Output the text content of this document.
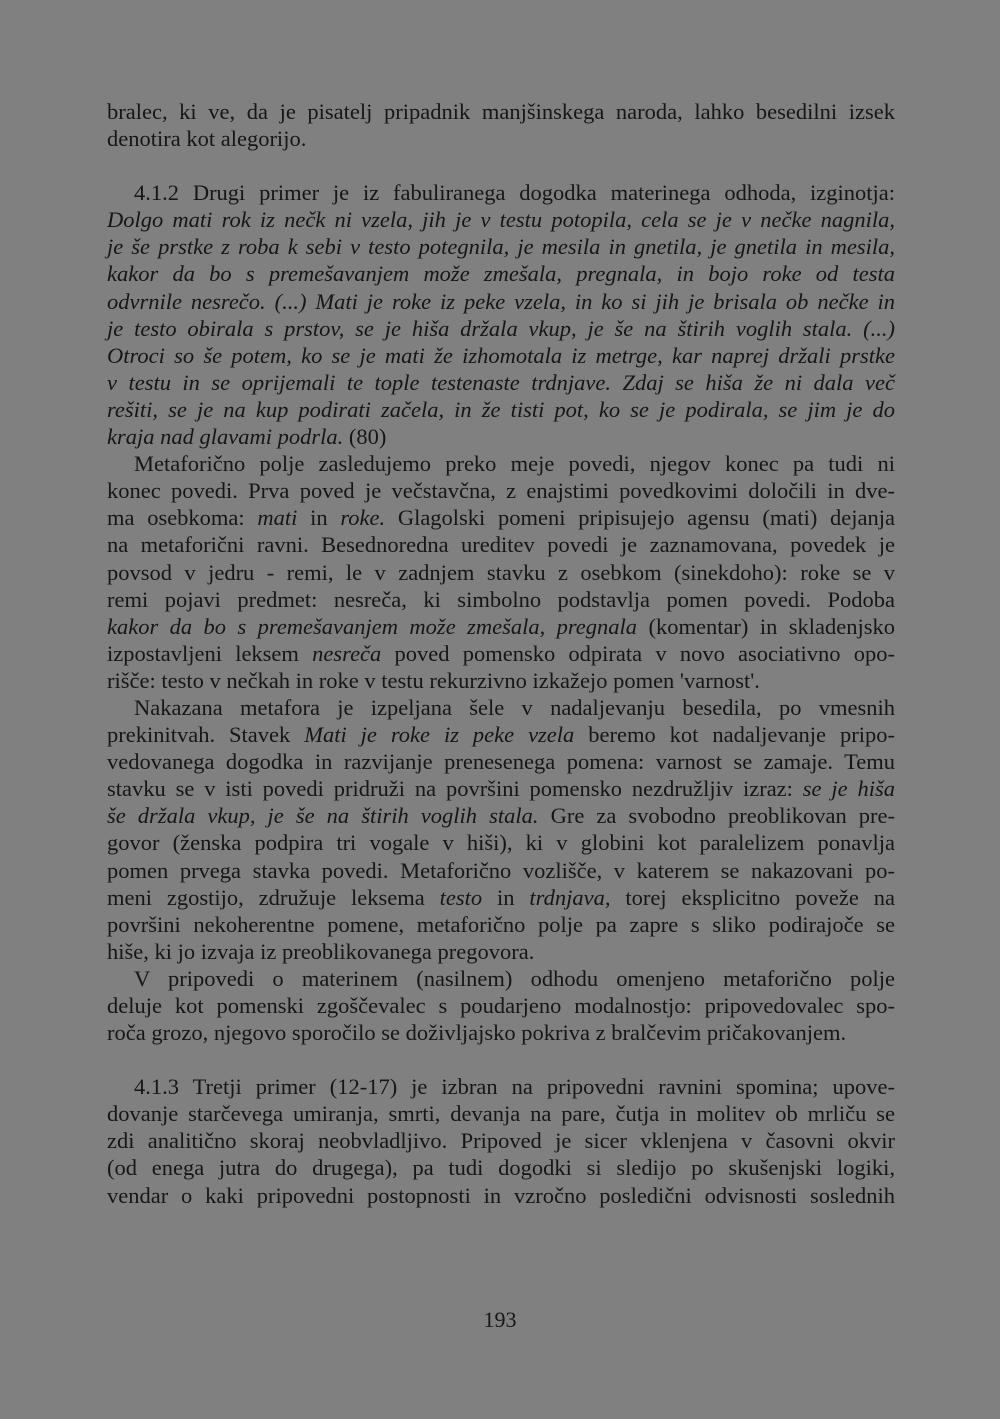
bralec, ki ve, da je pisatelj pripadnik manjšinskega naroda, lahko besedilni izsek
denotira kot alegorijo.

4.1.2 Drugi primer je iz fabuliranega dogodka materinega odhoda, izginotja:
Dolgo mati rok iz nečk ni vzela, jih je v testu potopila, cela se je v nečke nagnila,
je še prstke z roba k sebi v testo potegnila, je mesila in gnetila, je gnetila in mesila,
kakor da bo s premešavanjem može zmešala, pregnala, in bojo roke od testa
odvrnile nesrečo. (...) Mati je roke iz peke vzela, in ko si jih je brisala ob nečke in
je testo obirala s prstov, se je hiša držala vkup, je še na štirih voglih stala. (...)
Otroci so še potem, ko se je mati že izhomotala iz metrge, kar naprej držali prstke
v testu in se oprijemali te tople testenaste trdnjave. Zdaj se hiša že ni dala več
rešiti, se je na kup podirati začela, in že tisti pot, ko se je podirala, se jim je do
kraja nad glavami podrla. (80)

Metaforično polje zasledujemo preko meje povedi, njegov konec pa tudi ni
konec povedi. Prva poved je večstavčna, z enajstimi povedkovimi določili in dve-
ma osebkoma: mati in roke. Glagolski pomeni pripisujejo agensu (mati) dejanja
na metaforični ravni. Besednoredna ureditev povedi je zaznamovana, povedek je
povsod v jedru - remi, le v zadnjem stavku z osebkom (sinekdoho): roke se v
remi pojavi predmet: nesreča, ki simbolno podstavlja pomen povedi. Podoba
kakor da bo s premešavanjem može zmešala, pregnala (komentar) in skladenjsko
izpostavljeni leksem nesreča poved pomensko odpirata v novo asociativno opo-
rišče: testo v nečkah in roke v testu rekurzivno izkažejo pomen 'varnost'.

Nakazana metafora je izpeljana šele v nadaljevanju besedila, po vmesnih
prekinitvah. Stavek Mati je roke iz peke vzela beremo kot nadaljevanje pripo-
vedovanega dogodka in razvijanje prenesenega pomena: varnost se zamaje. Temu
stavku se v isti povedi pridruži na površini pomensko nezdružljiv izraz: se je hiša
še držala vkup, je še na štirih voglih stala. Gre za svobodno preoblikovan pre-
govor (ženska podpira tri vogale v hiši), ki v globini kot paralelizem ponavlja
pomen prvega stavka povedi. Metaforično vozlišče, v katerem se nakazovani po-
meni zgostijo, združuje leksema testo in trdnjava, torej eksplicitno poveže na
površini nekoherentne pomene, metaforično polje pa zapre s sliko podirajoče se
hiše, ki jo izvaja iz preoblikovanega pregovora.

V pripovedi o materinem (nasilnem) odhodu omenjeno metaforično polje
deluje kot pomenski zgoščevalec s poudarjeno modalnostjo: pripovedovalec spo-
roča grozo, njegovo sporočilo se doživljajsko pokriva z bralčevim pričakovanjem.

4.1.3 Tretji primer (12-17) je izbran na pripovedni ravnini spomina; upove-
dovanje starčevega umiranja, smrti, devanja na pare, čutja in molitev ob mrliču se
zdi analitično skoraj neobvladljivo. Pripoved je sicer vklenjena v časovni okvir
(od enega jutra do drugega), pa tudi dogodki si sledijo po skušenjski logiki,
vendar o kaki pripovedni postopnosti in vzročno posledični odvisnosti soslednih

193
